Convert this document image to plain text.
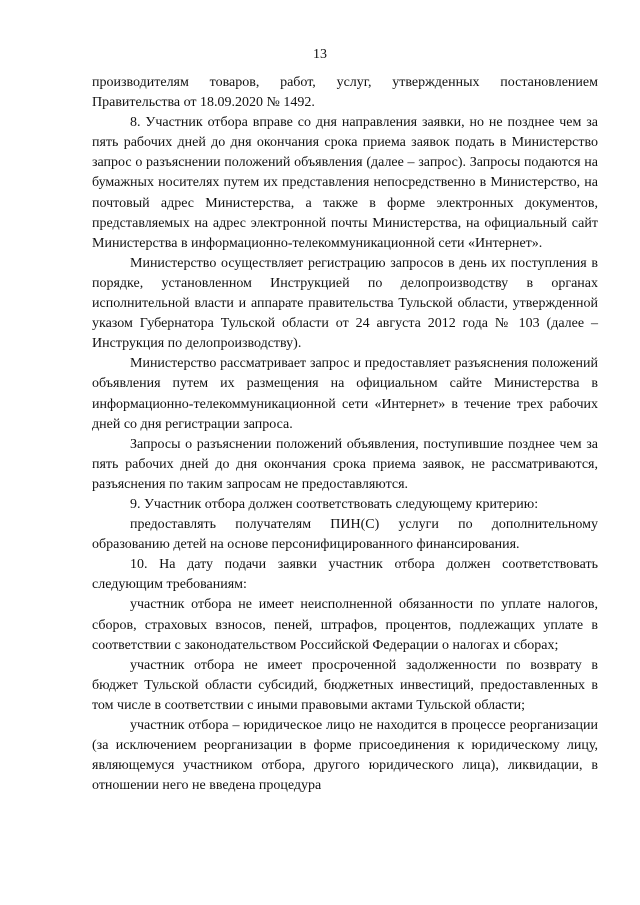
13

производителям товаров, работ, услуг, утвержденных постановлением Правительства от 18.09.2020 № 1492.

8. Участник отбора вправе со дня направления заявки, но не позднее чем за пять рабочих дней до дня окончания срока приема заявок подать в Министерство запрос о разъяснении положений объявления (далее – запрос). Запросы подаются на бумажных носителях путем их представления непосредственно в Министерство, на почтовый адрес Министерства, а также в форме электронных документов, представляемых на адрес электронной почты Министерства, на официальный сайт Министерства в информационно-телекоммуникационной сети «Интернет».

Министерство осуществляет регистрацию запросов в день их поступления в порядке, установленном Инструкцией по делопроизводству в органах исполнительной власти и аппарате правительства Тульской области, утвержденной указом Губернатора Тульской области от 24 августа 2012 года № 103 (далее – Инструкция по делопроизводству).

Министерство рассматривает запрос и предоставляет разъяснения положений объявления путем их размещения на официальном сайте Министерства в информационно-телекоммуникационной сети «Интернет» в течение трех рабочих дней со дня регистрации запроса.

Запросы о разъяснении положений объявления, поступившие позднее чем за пять рабочих дней до дня окончания срока приема заявок, не рассматриваются, разъяснения по таким запросам не предоставляются.

9. Участник отбора должен соответствовать следующему критерию:

предоставлять получателям ПИН(С) услуги по дополнительному образованию детей на основе персонифицированного финансирования.

10. На дату подачи заявки участник отбора должен соответствовать следующим требованиям:

участник отбора не имеет неисполненной обязанности по уплате налогов, сборов, страховых взносов, пеней, штрафов, процентов, подлежащих уплате в соответствии с законодательством Российской Федерации о налогах и сборах;

участник отбора не имеет просроченной задолженности по возврату в бюджет Тульской области субсидий, бюджетных инвестиций, предоставленных в том числе в соответствии с иными правовыми актами Тульской области;

участник отбора – юридическое лицо не находится в процессе реорганизации (за исключением реорганизации в форме присоединения к юридическому лицу, являющемуся участником отбора, другого юридического лица), ликвидации, в отношении него не введена процедура
